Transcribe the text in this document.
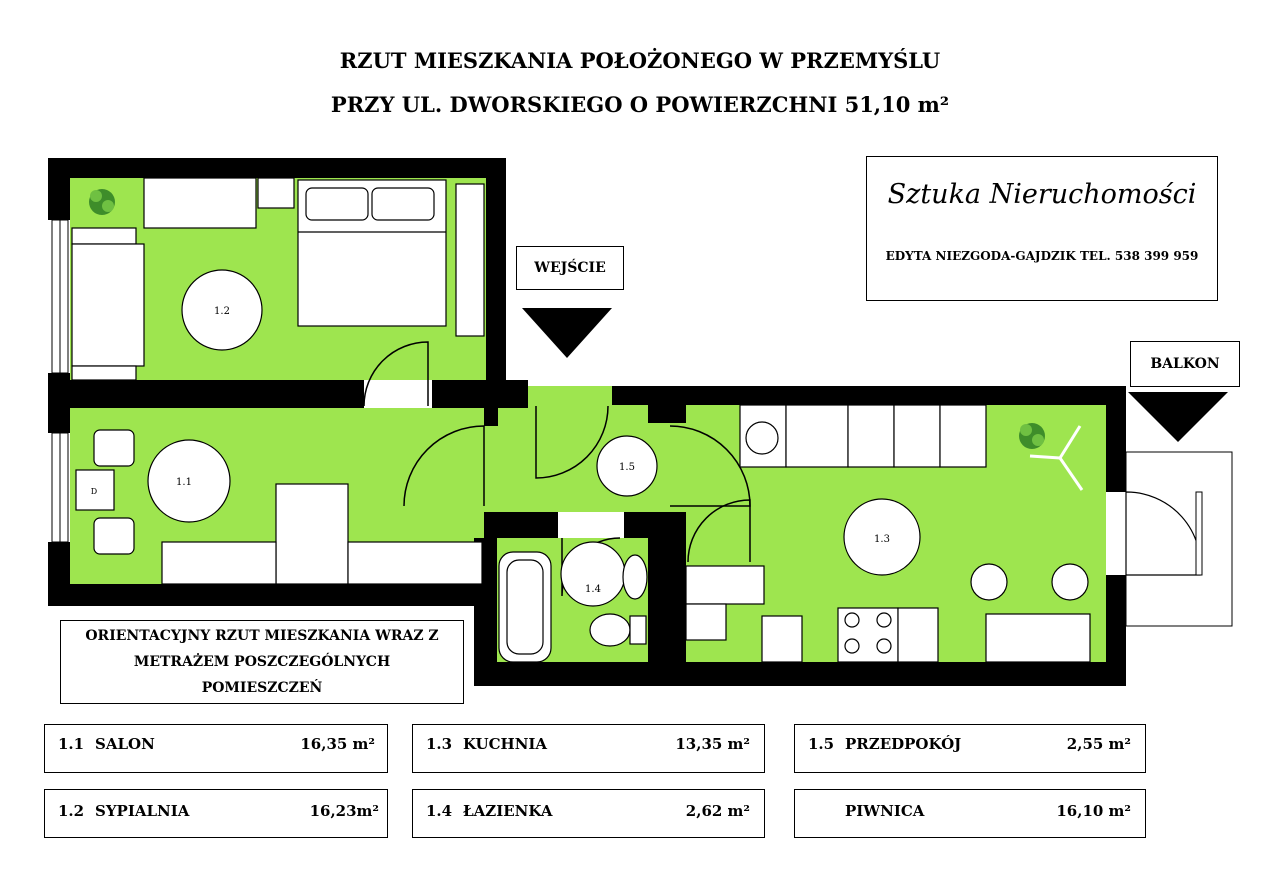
RZUT MIESZKANIA POŁOŻONEGO W PRZEMYŚLU
PRZY UL. DWORSKIEGO O POWIERZCHNI 51,10 m²
Sztuka Nieruchomości
EDYTA NIEZGODA-GAJDZIK TEL. 538 399 959
WEJŚCIE
BALKON
ORIENTACYJNY RZUT MIESZKANIA WRAZ Z METRAŻEM POSZCZEGÓLNYCH POMIESZCZEŃ
1.2
1.1
1.5
1.4
1.3
D
1.1 SALON	16,35 m²	1.3 KUCHNIA	13,35 m²	1.5 PRZEDPOKÓJ	2,55 m²
1.2 SYPIALNIA	16,23m²	1.4 ŁAZIENKA	2,62 m²	PIWNICA	16,10 m²
